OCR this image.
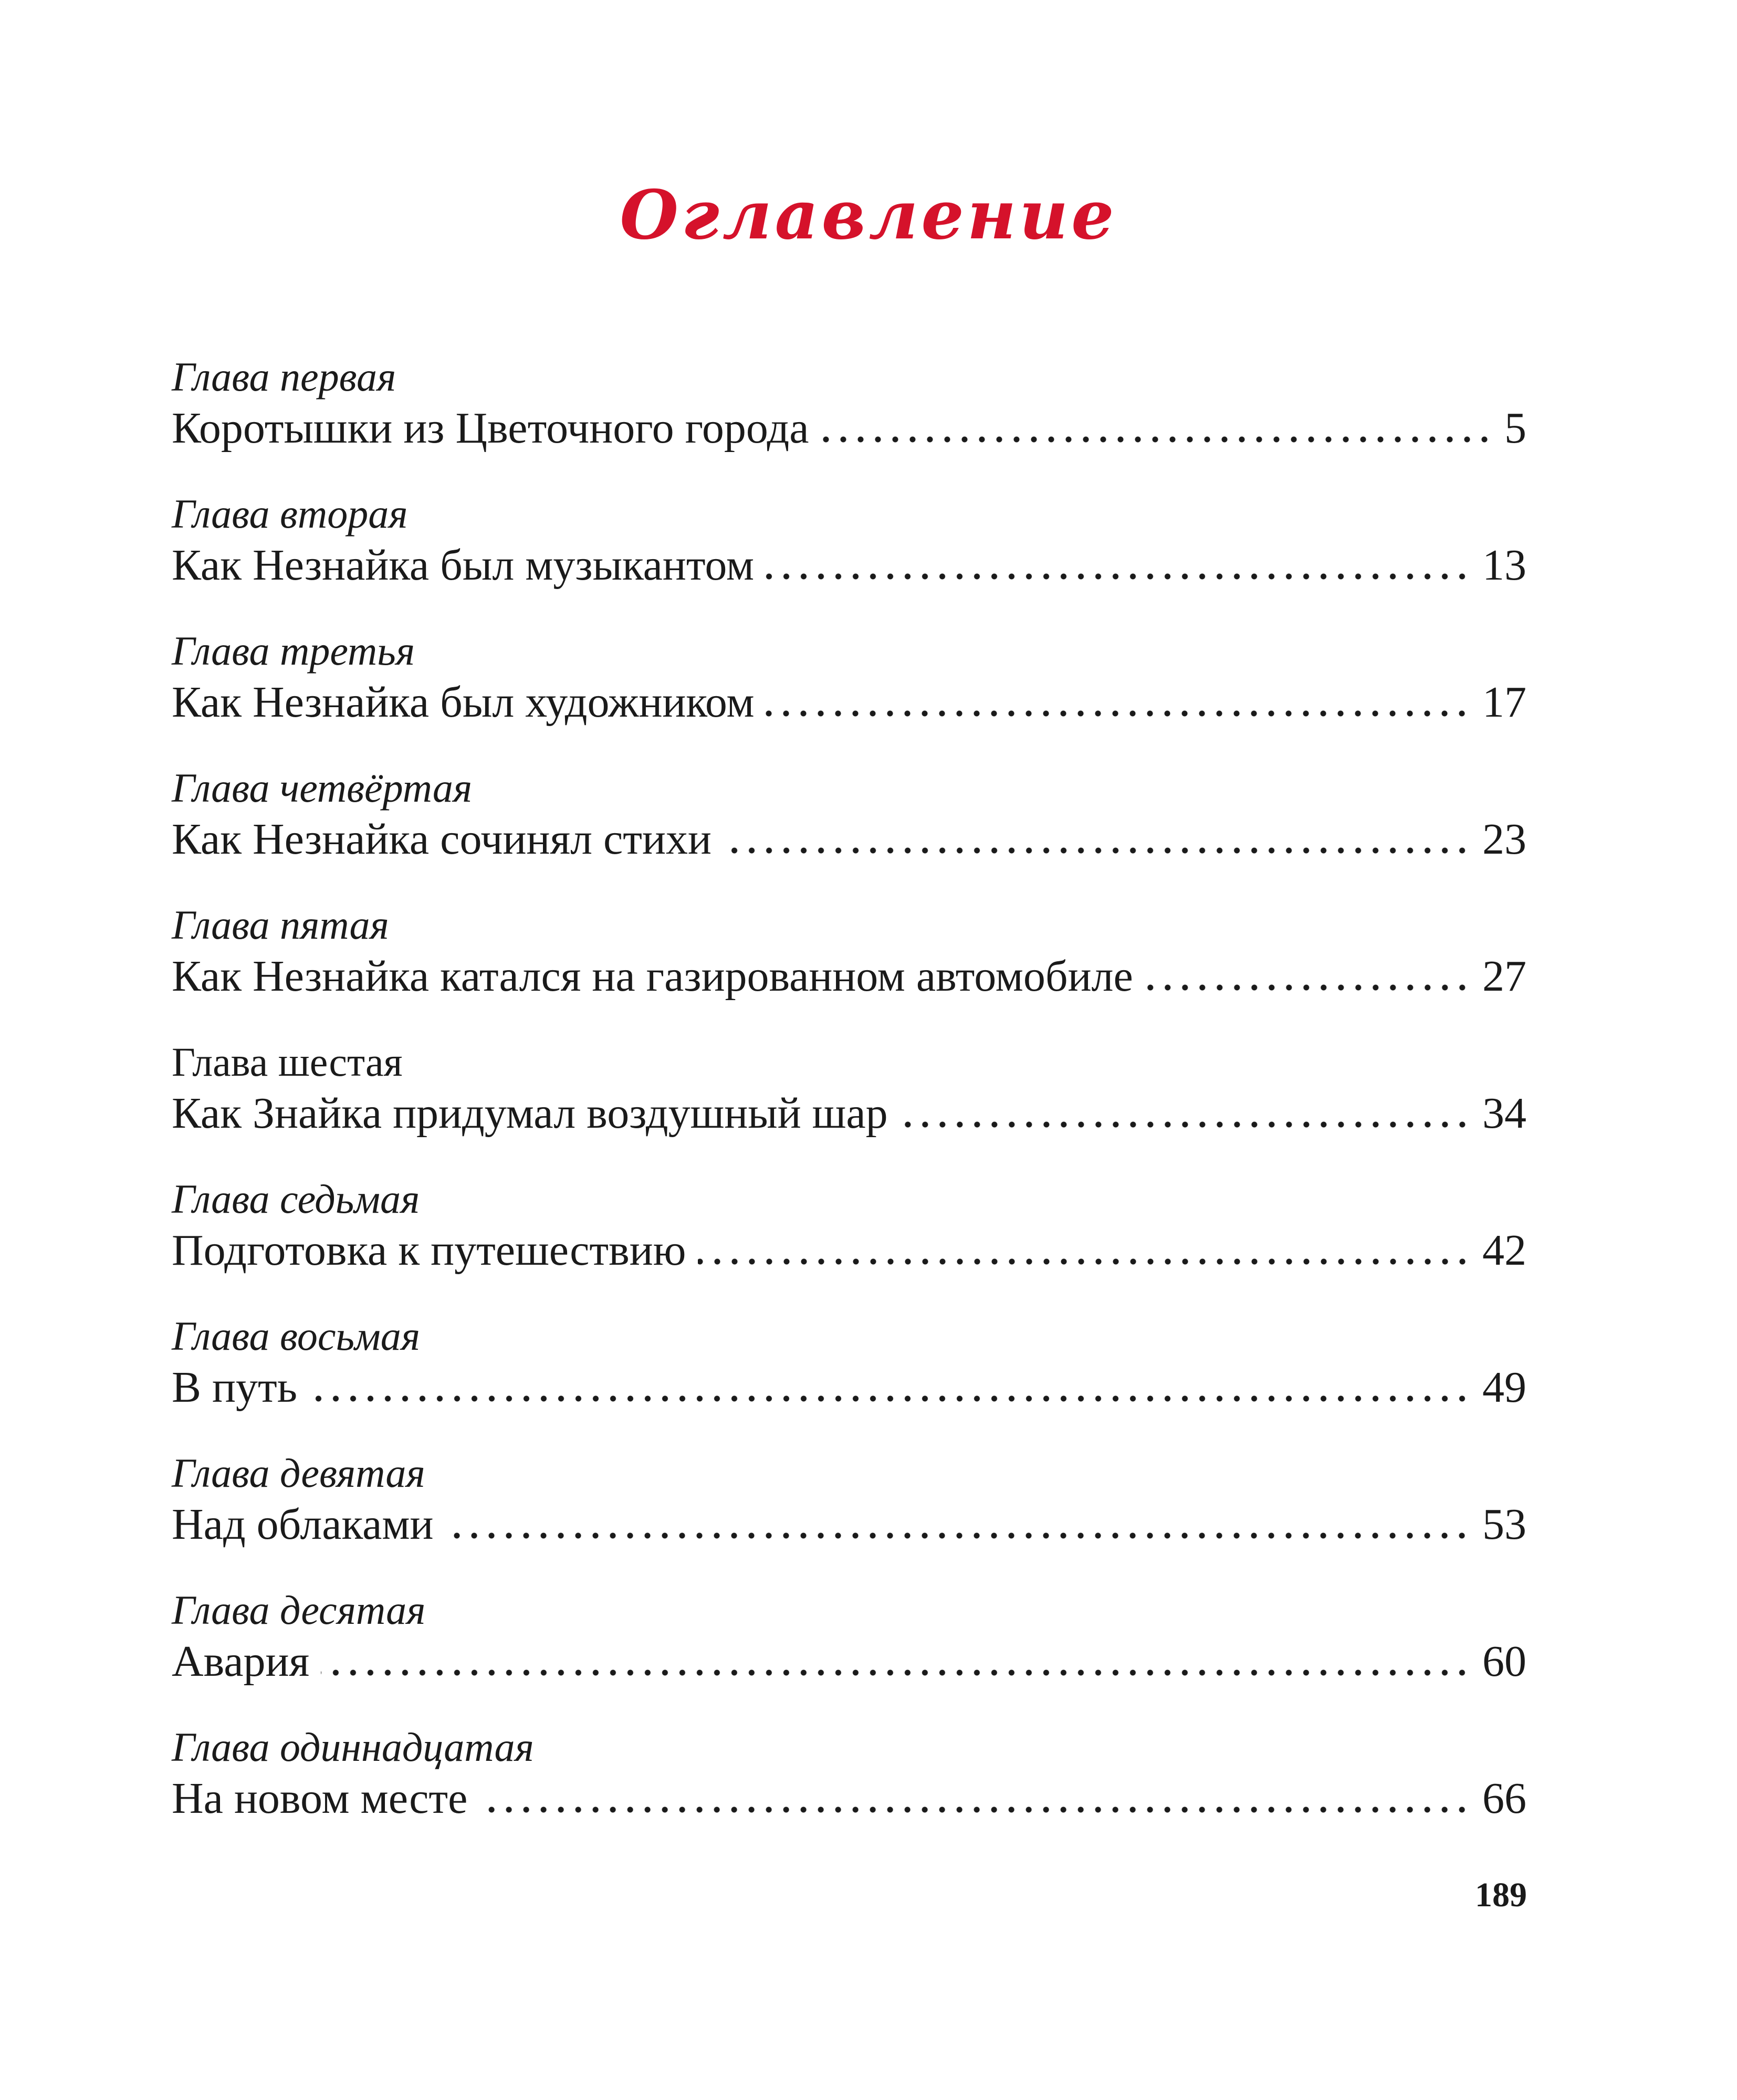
Оглавление
Глава первая
Коротышки из Цветочного города	5
Глава вторая
Как Незнайка был музыкантом	13
Глава третья
Как Незнайка был художником	17
Глава четвёртая
Как Незнайка сочинял стихи	23
Глава пятая
Как Незнайка катался на газированном автомобиле	27
Глава шестая
Как Знайка придумал воздушный шар	34
Глава седьмая
Подготовка к путешествию	42
Глава восьмая
В путь	49
Глава девятая
Над облаками	53
Глава десятая
Авария	60
Глава одиннадцатая
На новом месте	66
189
